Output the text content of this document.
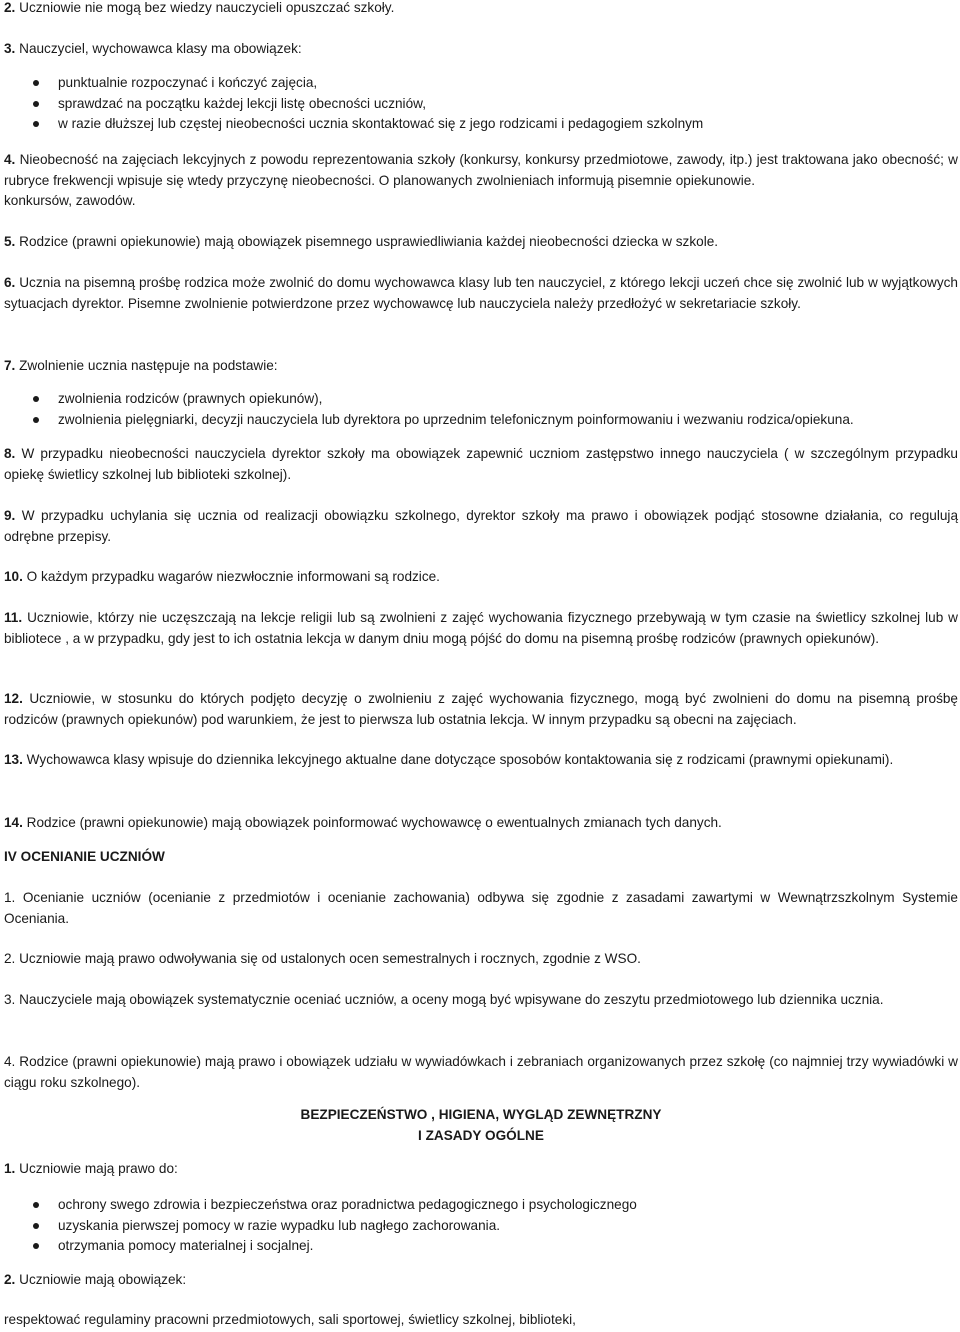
2. Uczniowie nie mogą bez wiedzy nauczycieli opuszczać szkoły.

3. Nauczyciel, wychowawca klasy ma obowiązek:

punktualnie rozpoczynać i kończyć zajęcia,
sprawdzać na początku każdej lekcji listę obecności uczniów,
w razie dłuższej lub częstej nieobecności ucznia skontaktować się z jego rodzicami i pedagogiem szkolnym

4. Nieobecność na zajęciach lekcyjnych z powodu reprezentowania szkoły (konkursy, konkursy przedmiotowe, zawody, itp.) jest traktowana jako obecność; w rubryce frekwencji wpisuje się wtedy przyczynę nieobecności. O planowanych zwolnieniach informują pisemnie opiekunowie.

konkursów, zawodów.

5. Rodzice (prawni opiekunowie) mają obowiązek pisemnego usprawiedliwiania każdej nieobecności dziecka w szkole.

6. Ucznia na pisemną prośbę rodzica może zwolnić do domu wychowawca klasy lub ten nauczyciel, z którego lekcji uczeń chce się zwolnić lub w wyjątkowych sytuacjach dyrektor. Pisemne zwolnienie potwierdzone przez wychowawcę lub nauczyciela należy przedłożyć w sekretariacie szkoły.

7. Zwolnienie ucznia następuje na podstawie:

zwolnienia rodziców (prawnych opiekunów),
zwolnienia pielęgniarki, decyzji nauczyciela lub dyrektora po uprzednim telefonicznym poinformowaniu i wezwaniu rodzica/opiekuna.

8. W przypadku nieobecności nauczyciela dyrektor szkoły ma obowiązek zapewnić uczniom zastępstwo innego nauczyciela ( w szczególnym przypadku opiekę świetlicy szkolnej lub biblioteki szkolnej).

9. W przypadku uchylania się ucznia od realizacji obowiązku szkolnego, dyrektor szkoły ma prawo i obowiązek podjąć stosowne działania, co regulują odrębne przepisy.

10. O każdym przypadku wagarów niezwłocznie informowani są rodzice.

11. Uczniowie, którzy nie uczęszczają na lekcje religii lub są zwolnieni z zajęć wychowania fizycznego przebywają w tym czasie na świetlicy szkolnej lub w bibliotece , a w przypadku, gdy jest to ich ostatnia lekcja w danym dniu mogą pójść do domu na pisemną prośbę rodziców (prawnych opiekunów).

12. Uczniowie, w stosunku do których podjęto decyzję o zwolnieniu z zajęć wychowania fizycznego, mogą być zwolnieni do domu na pisemną prośbę rodziców (prawnych opiekunów) pod warunkiem, że jest to pierwsza lub ostatnia lekcja. W innym przypadku są obecni na zajęciach.

13. Wychowawca klasy wpisuje do dziennika lekcyjnego aktualne dane dotyczące sposobów kontaktowania się z rodzicami (prawnymi opiekunami).

14. Rodzice (prawni opiekunowie) mają obowiązek poinformować wychowawcę o ewentualnych zmianach tych danych.

IV OCENIANIE UCZNIÓW

1. Ocenianie uczniów (ocenianie z przedmiotów i ocenianie zachowania) odbywa się zgodnie z zasadami zawartymi w Wewnątrzszkolnym Systemie Oceniania.

2. Uczniowie mają prawo odwoływania się od ustalonych ocen semestralnych i rocznych, zgodnie z WSO.

3. Nauczyciele mają obowiązek systematycznie oceniać uczniów, a oceny mogą być wpisywane do zeszytu przedmiotowego lub dziennika ucznia.

4. Rodzice (prawni opiekunowie) mają prawo i obowiązek udziału w wywiadówkach i zebraniach organizowanych przez szkołę (co najmniej trzy wywiadówki w ciągu roku szkolnego).

BEZPIECZEŃSTWO , HIGIENA, WYGLĄD ZEWNĘTRZNY

I ZASADY OGÓLNE

1. Uczniowie mają prawo do:

ochrony swego zdrowia i bezpieczeństwa oraz poradnictwa pedagogicznego i psychologicznego
uzyskania pierwszej pomocy w razie wypadku lub nagłego zachorowania.
otrzymania pomocy materialnej i socjalnej.

2. Uczniowie mają obowiązek:

respektować regulaminy pracowni przedmiotowych, sali sportowej, świetlicy szkolnej, biblioteki,
